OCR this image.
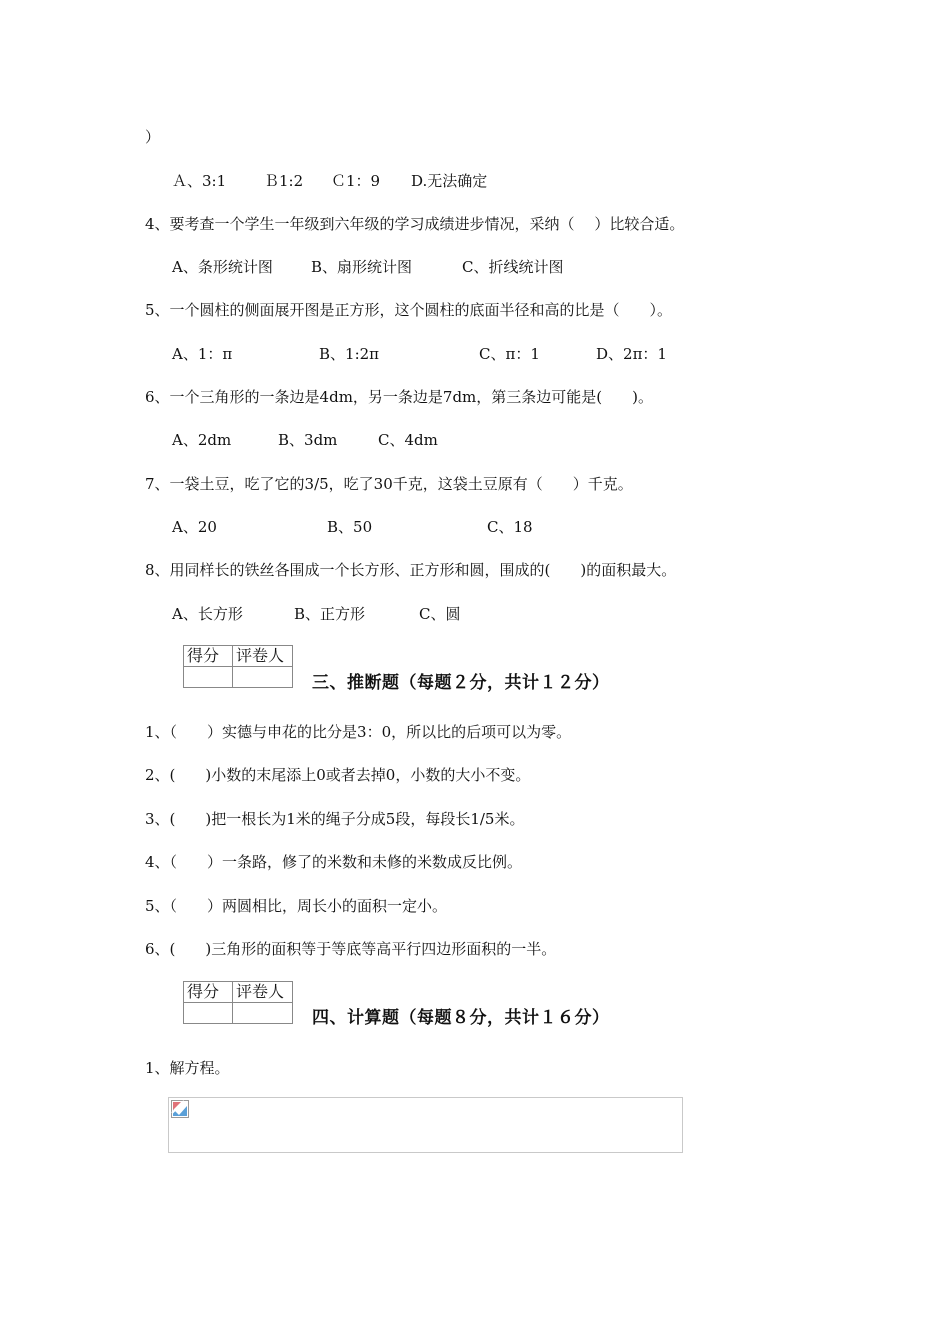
）
Ａ、3:1	Ｂ1:2 Ｃ1：9 D.无法确定
4、要考查一个学生一年级到六年级的学习成绩进步情况，采纳（　 ）比较合适。
A、条形统计图	B、扇形统计图	C、折线统计图
5、一个圆柱的侧面展开图是正方形，这个圆柱的底面半径和高的比是（　　）。
A、1：π	B、1:2π	C、π：1	D、2π：1
6、一个三角形的一条边是4dm，另一条边是7dm，第三条边可能是(　　)。
A、2dm	B、3dm	C、4dm
7、一袋土豆，吃了它的3/5，吃了30千克，这袋土豆原有（　　）千克。
A、20	B、50	C、18
8、用同样长的铁丝各围成一个长方形、正方形和圆，围成的(　　)的面积最大。
A、长方形	B、正方形	C、圆
得分	评卷人

三、推断题（每题２分，共计１２分）
1、（　　）实德与申花的比分是3：0，所以比的后项可以为零。
2、(　　)小数的末尾添上0或者去掉0，小数的大小不变。
3、(　　)把一根长为1米的绳子分成5段，每段长1/5米。
4、（　　）一条路，修了的米数和未修的米数成反比例。
5、（　　）两圆相比，周长小的面积一定小。
6、(　　)三角形的面积等于等底等高平行四边形面积的一半。
得分	评卷人

四、计算题（每题８分，共计１６分）
1、解方程。
